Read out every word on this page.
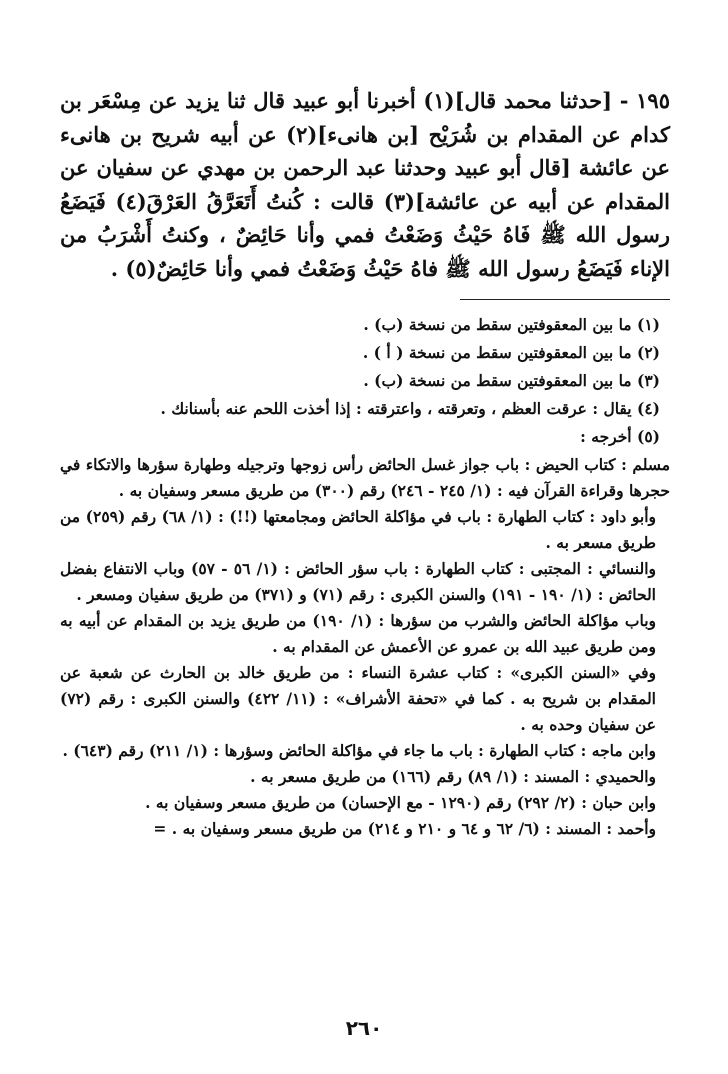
١٩٥ - [حدثنا محمد قال](١) أخبرنا أبو عبيد قال ثنا يزيد عن مِسْعَر بن كدام عن المقدام بن شُرَيْح [بن هانىء](٢) عن أبيه شريح بن هانىء عن عائشة [قال أبو عبيد وحدثنا عبد الرحمن بن مهدي عن سفيان عن المقدام عن أبيه عن عائشة](٣) قالت : كُنتُ أَتَعَرَّقُ العَرْقَ(٤) فَيَضَعُ رسول الله ﷺ فَاهُ حَيْثُ وَضَعْتُ فمي وأنا حَائِضٌ ، وكنتُ أَشْرَبُ من الإناء فَيَضَعُ رسول الله ﷺ فاهُ حَيْثُ وَضَعْتُ فمي وأنا حَائِضٌ(٥) .

(١) ما بين المعقوفتين سقط من نسخة (ب) .

(٢) ما بين المعقوفتين سقط من نسخة ( أ ) .

(٣) ما بين المعقوفتين سقط من نسخة (ب) .

(٤) يقال : عرقت العظم ، وتعرقته ، واعترقته : إذا أخذت اللحم عنه بأسنانك .

(٥) أخرجه :

مسلم : كتاب الحيض : باب جواز غسل الحائض رأس زوجها وترجيله وطهارة سؤرها والاتكاء في حجرها وقراءة القرآن فيه : (١/ ٢٤٥ - ٢٤٦) رقم (٣٠٠) من طريق مسعر وسفيان به .

وأبو داود : كتاب الطهارة : باب في مؤاكلة الحائض ومجامعتها (!!) : (١/ ٦٨) رقم (٢٥٩) من طريق مسعر به .

والنسائي : المجتبى : كتاب الطهارة : باب سؤر الحائض : (١/ ٥٦ - ٥٧) وباب الانتفاع بفضل الحائض : (١/ ١٩٠ - ١٩١) والسنن الكبرى : رقم (٧١) و (٣٧١) من طريق سفيان ومسعر .

وباب مؤاكلة الحائض والشرب من سؤرها : (١/ ١٩٠) من طريق يزيد بن المقدام عن أبيه به ومن طريق عبيد الله بن عمرو عن الأعمش عن المقدام به .

وفي «السنن الكبرى» : كتاب عشرة النساء : من طريق خالد بن الحارث عن شعبة عن المقدام بن شريح به . كما في «تحفة الأشراف» : (١١/ ٤٢٢) والسنن الكبرى : رقم (٧٢) عن سفيان وحده به .

وابن ماجه : كتاب الطهارة : باب ما جاء في مؤاكلة الحائض وسؤرها : (١/ ٢١١) رقم (٦٤٣) .

والحميدي : المسند : (١/ ٨٩) رقم (١٦٦) من طريق مسعر به .

وابن حبان : (٢/ ٢٩٢) رقم (١٢٩٠ - مع الإحسان) من طريق مسعر وسفيان به .

وأحمد : المسند : (٦/ ٦٢ و ٦٤ و ٢١٠ و ٢١٤) من طريق مسعر وسفيان به . =

٢٦٠
